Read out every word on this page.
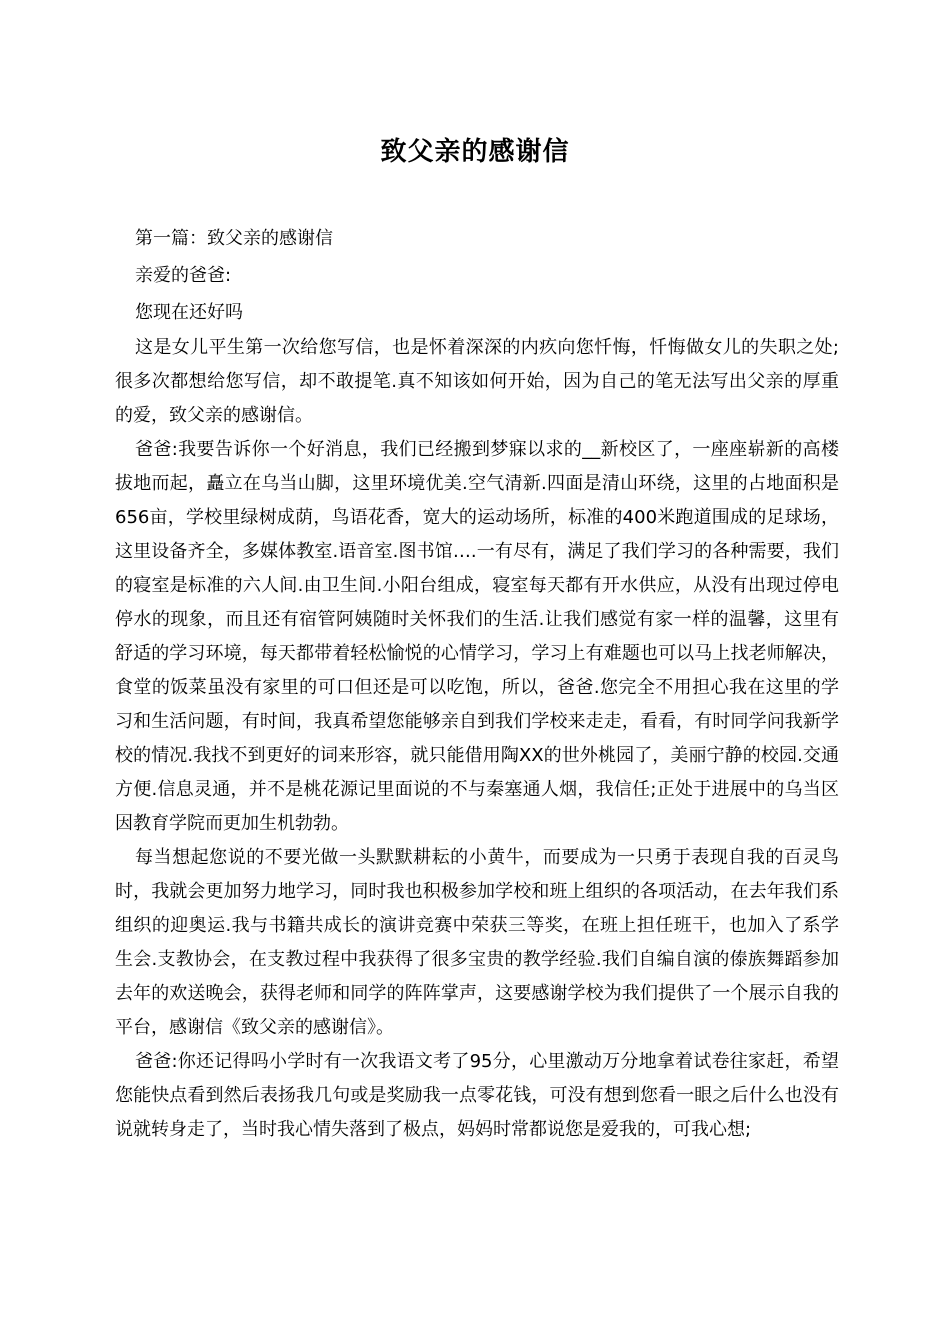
致父亲的感谢信

第一篇：致父亲的感谢信

亲爱的爸爸:

您现在还好吗

这是女儿平生第一次给您写信，也是怀着深深的内疚向您忏悔，忏悔做女儿的失职之处;很多次都想给您写信，却不敢提笔.真不知该如何开始，因为自己的笔无法写出父亲的厚重的爱，致父亲的感谢信。

爸爸:我要告诉你一个好消息，我们已经搬到梦寐以求的__新校区了，一座座崭新的高楼拔地而起，矗立在乌当山脚，这里环境优美.空气清新.四面是清山环绕，这里的占地面积是656亩，学校里绿树成荫，鸟语花香，宽大的运动场所，标准的400米跑道围成的足球场，这里设备齐全，多媒体教室.语音室.图书馆….一有尽有，满足了我们学习的各种需要，我们的寝室是标准的六人间.由卫生间.小阳台组成，寝室每天都有开水供应，从没有出现过停电停水的现象，而且还有宿管阿姨随时关怀我们的生活.让我们感觉有家一样的温馨，这里有舒适的学习环境，每天都带着轻松愉悦的心情学习，学习上有难题也可以马上找老师解决，食堂的饭菜虽没有家里的可口但还是可以吃饱，所以，爸爸.您完全不用担心我在这里的学习和生活问题，有时间，我真希望您能够亲自到我们学校来走走，看看，有时同学问我新学校的情况.我找不到更好的词来形容，就只能借用陶XX的世外桃园了，美丽宁静的校园.交通方便.信息灵通，并不是桃花源记里面说的不与秦塞通人烟，我信任;正处于进展中的乌当区因教育学院而更加生机勃勃。

每当想起您说的不要光做一头默默耕耘的小黄牛，而要成为一只勇于表现自我的百灵鸟时，我就会更加努力地学习，同时我也积极参加学校和班上组织的各项活动，在去年我们系组织的迎奥运.我与书籍共成长的演讲竞赛中荣获三等奖，在班上担任班干，也加入了系学生会.支教协会，在支教过程中我获得了很多宝贵的教学经验.我们自编自演的傣族舞蹈参加去年的欢送晚会，获得老师和同学的阵阵掌声，这要感谢学校为我们提供了一个展示自我的平台，感谢信《致父亲的感谢信》。

爸爸:你还记得吗小学时有一次我语文考了95分，心里激动万分地拿着试卷往家赶，希望您能快点看到然后表扬我几句或是奖励我一点零花钱，可没有想到您看一眼之后什么也没有说就转身走了，当时我心情失落到了极点，妈妈时常都说您是爱我的，可我心想;
